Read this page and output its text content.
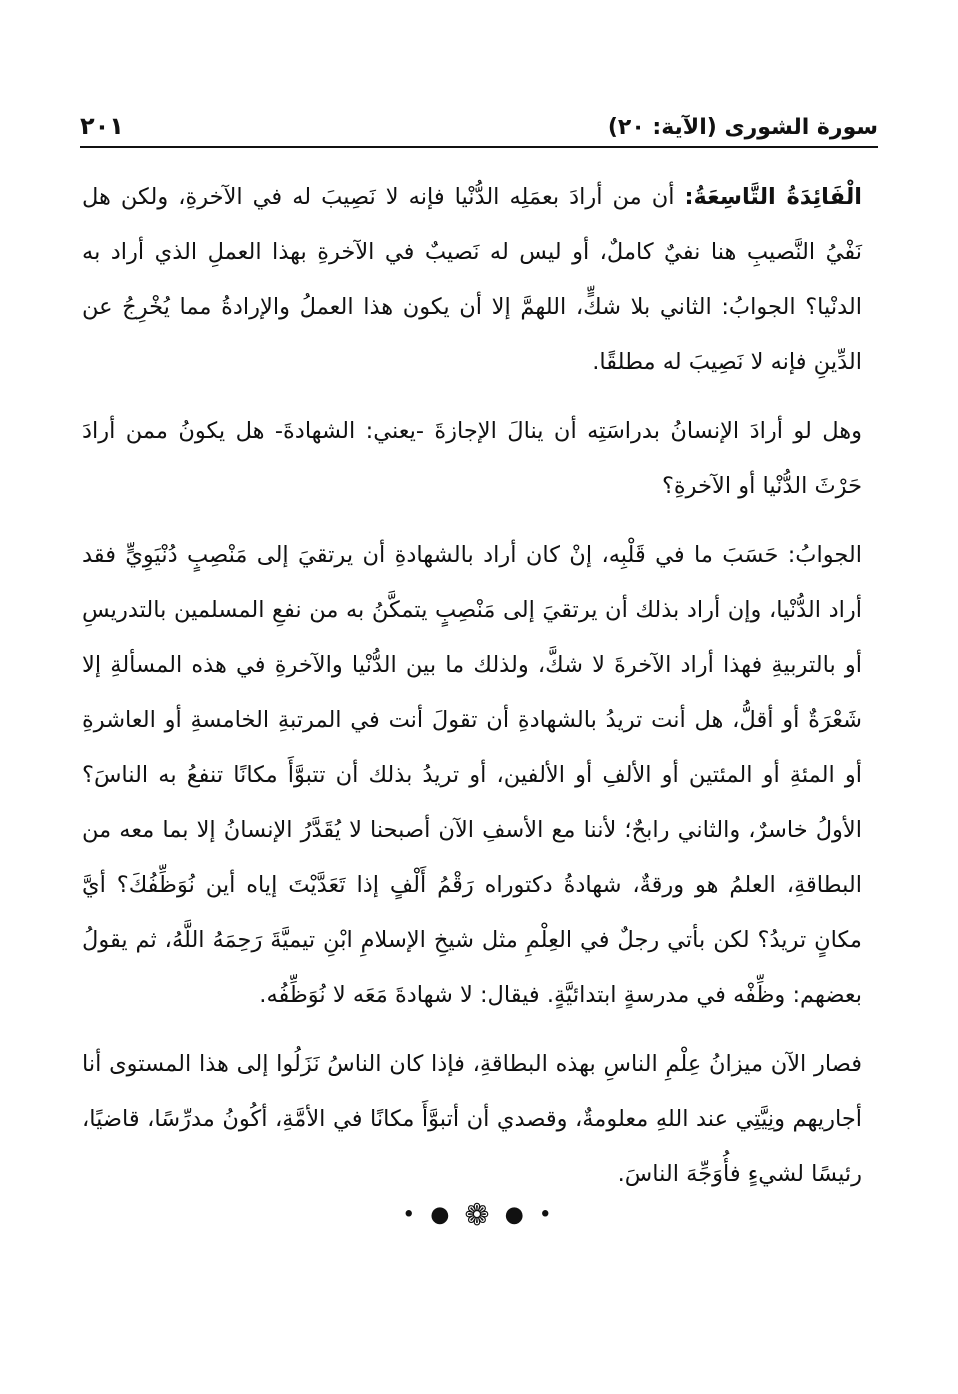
سورة الشورى (الآية: ٢٠)
٢٠١

الْفَائِدَةُ التَّاسِعَةُ: أن من أرادَ بعمَلِه الدُّنْيا فإنه لا نَصِيبَ له في الآخرةِ، ولكن هل نَفْيُ النَّصيبِ هنا نفيٌ كاملٌ، أو ليس له نَصيبٌ في الآخرةِ بهذا العملِ الذي أراد به الدنْيا؟ الجوابُ: الثاني بلا شكٍّ، اللهمَّ إلا أن يكون هذا العملُ والإرادةُ مما يُخْرِجُ عن الدِّينِ فإنه لا نَصِيبَ له مطلقًا.

وهل لو أرادَ الإنسانُ بدراسَتِه أن ينالَ الإجازةَ -يعني: الشهادةَ- هل يكونُ ممن أرادَ حَرْثَ الدُّنْيا أو الآخرةِ؟

الجوابُ: حَسَبَ ما في قَلْبِه، إنْ كان أراد بالشهادةِ أن يرتقيَ إلى مَنْصِبٍ دُنْيَوِيٍّ فقد أراد الدُّنْيا، وإن أراد بذلك أن يرتقيَ إلى مَنْصِبٍ يتمكَّنُ به من نفعِ المسلمين بالتدريسِ أو بالتربيةِ فهذا أراد الآخرةَ لا شكَّ، ولذلك ما بين الدُّنْيا والآخرةِ في هذه المسألةِ إلا شَعْرَةٌ أو أقلُّ، هل أنت تريدُ بالشهادةِ أن تقولَ أنت في المرتبةِ الخامسةِ أو العاشرةِ أو المئةِ أو المئتين أو الألفِ أو الألفين، أو تريدُ بذلك أن تتبوَّأَ مكانًا تنفعُ به الناسَ؟ الأولُ خاسرٌ، والثاني رابحٌ؛ لأننا مع الأسفِ الآن أصبحنا لا يُقَدَّرُ الإنسانُ إلا بما معه من البطاقةِ، العلمُ هو ورقةٌ، شهادةُ دكتوراه رَقْمُ أَلْفٍ إذا تَعَدَّيْتَ إياه أين نُوَظِّفُكَ؟ أيَّ مكانٍ تريدُ؟ لكن بأتي رجلٌ في العِلْمِ مثل شيخِ الإسلامِ ابْنِ تيميَّةَ رَحِمَهُ اللَّهُ، ثم يقولُ بعضهم: وظِّفْه في مدرسةٍ ابتدائيَّةٍ. فيقال: لا شهادةَ مَعَه لا نُوَظِّفُه.

فصار الآن ميزانُ عِلْمِ الناسِ بهذه البطاقةِ، فإذا كان الناسُ نَزَلُوا إلى هذا المستوى أنا أجاريهم ونِيَّتِي عند اللهِ معلومةٌ، وقصدي أن أتبوَّأَ مكانًا في الأمَّةِ، أكُونُ مدرِّسًا، قاضيًا، رئيسًا لشيءٍ فأُوَجِّهَ الناسَ.

• ● ❁ ● •
